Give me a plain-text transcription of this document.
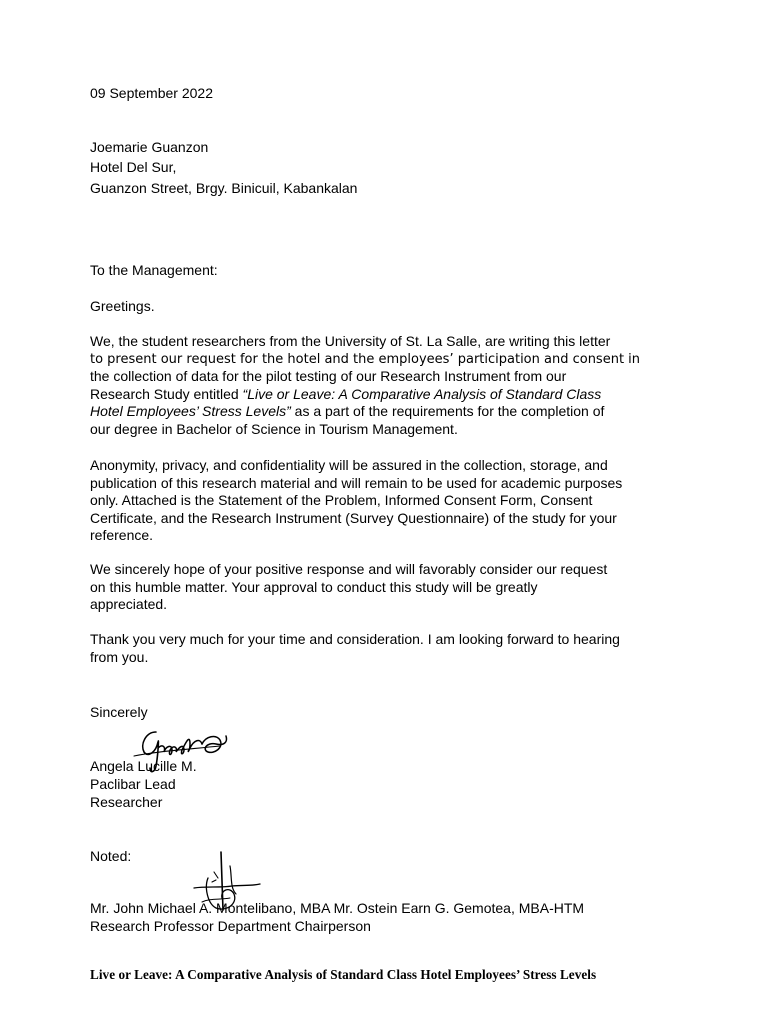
09 September 2022

Joemarie Guanzon

Hotel Del Sur,

Guanzon Street, Brgy. Binicuil, Kabankalan

To the Management:

Greetings.

We, the student researchers from the University of St. La Salle, are writing this letter
to present our request for the hotel and the employees’ participation and consent in
the collection of data for the pilot testing of our Research Instrument from our
Research Study entitled “Live or Leave: A Comparative Analysis of Standard Class
Hotel Employees’ Stress Levels” as a part of the requirements for the completion of
our degree in Bachelor of Science in Tourism Management.
Anonymity, privacy, and confidentiality will be assured in the collection, storage, and
publication of this research material and will remain to be used for academic purposes
only. Attached is the Statement of the Problem, Informed Consent Form, Consent
Certificate, and the Research Instrument (Survey Questionnaire) of the study for your
reference.
We sincerely hope of your positive response and will favorably consider our request
on this humble matter. Your approval to conduct this study will be greatly
appreciated.
Thank you very much for your time and consideration. I am looking forward to hearing
from you.

Sincerely

Angela Lucille M.

Paclibar Lead

Researcher

Noted:

Mr. John Michael A. Montelibano, MBA Mr. Ostein Earn G. Gemotea, MBA-HTM

Research Professor Department Chairperson

Live or Leave: A Comparative Analysis of Standard Class Hotel Employees’ Stress Levels
